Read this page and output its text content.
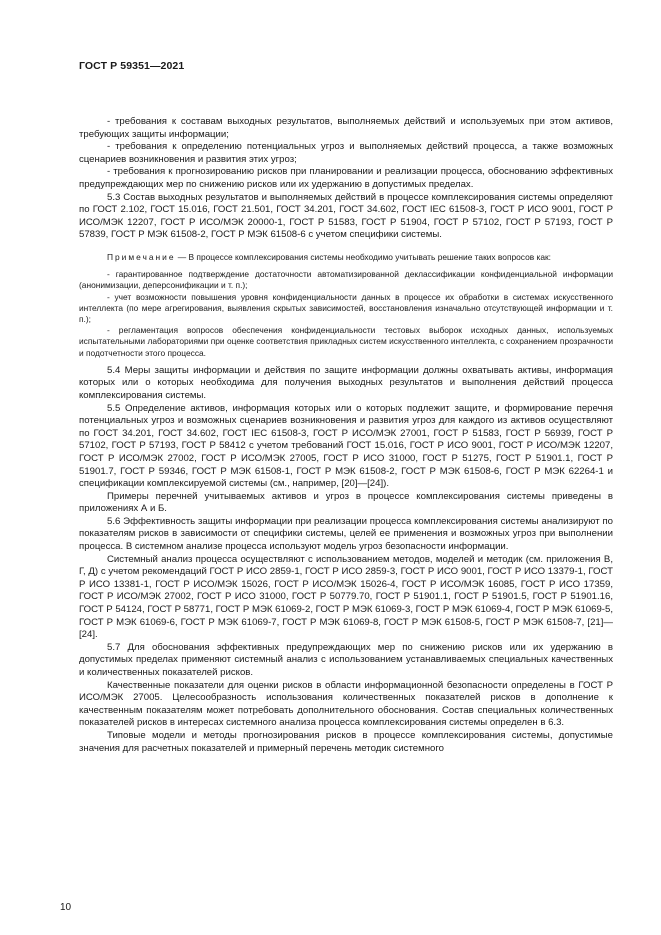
ГОСТ Р 59351—2021

- требования к составам выходных результатов, выполняемых действий и используемых при этом активов, требующих защиты информации;

- требования к определению потенциальных угроз и выполняемых действий процесса, а также возможных сценариев возникновения и развития этих угроз;

- требования к прогнозированию рисков при планировании и реализации процесса, обоснованию эффективных предупреждающих мер по снижению рисков или их удержанию в допустимых пределах.

5.3 Состав выходных результатов и выполняемых действий в процессе комплексирования системы определяют по ГОСТ 2.102, ГОСТ 15.016, ГОСТ 21.501, ГОСТ 34.201, ГОСТ 34.602, ГОСТ IEC 61508-3, ГОСТ Р ИСО 9001, ГОСТ Р ИСО/МЭК 12207, ГОСТ Р ИСО/МЭК 20000-1, ГОСТ Р 51583, ГОСТ Р 51904, ГОСТ Р 57102, ГОСТ Р 57193, ГОСТ Р 57839, ГОСТ Р МЭК 61508-2, ГОСТ Р МЭК 61508-6 с учетом специфики системы.

Примечание — В процессе комплексирования системы необходимо учитывать решение таких вопросов как:

- гарантированное подтверждение достаточности автоматизированной деклассификации конфиденциальной информации (анонимизации, деперсонификации и т. п.);

- учет возможности повышения уровня конфиденциальности данных в процессе их обработки в системах искусственного интеллекта (по мере агрегирования, выявления скрытых зависимостей, восстановления изначально отсутствующей информации и т. п.);

- регламентация вопросов обеспечения конфиденциальности тестовых выборок исходных данных, используемых испытательными лабораториями при оценке соответствия прикладных систем искусственного интеллекта, с сохранением прозрачности и подотчетности этого процесса.

5.4 Меры защиты информации и действия по защите информации должны охватывать активы, информация которых или о которых необходима для получения выходных результатов и выполнения действий процесса комплексирования системы.

5.5 Определение активов, информация которых или о которых подлежит защите, и формирование перечня потенциальных угроз и возможных сценариев возникновения и развития угроз для каждого из активов осуществляют по ГОСТ 34.201, ГОСТ 34.602, ГОСТ IEC 61508-3, ГОСТ Р ИСО/МЭК 27001, ГОСТ Р 51583, ГОСТ Р 56939, ГОСТ Р 57102, ГОСТ Р 57193, ГОСТ Р 58412 с учетом требований ГОСТ 15.016, ГОСТ Р ИСО 9001, ГОСТ Р ИСО/МЭК 12207, ГОСТ Р ИСО/МЭК 27002, ГОСТ Р ИСО/МЭК 27005, ГОСТ Р ИСО 31000, ГОСТ Р 51275, ГОСТ Р 51901.1, ГОСТ Р 51901.7, ГОСТ Р 59346, ГОСТ Р МЭК 61508-1, ГОСТ Р МЭК 61508-2, ГОСТ Р МЭК 61508-6, ГОСТ Р МЭК 62264-1 и спецификации комплексируемой системы (см., например, [20]—[24]).

Примеры перечней учитываемых активов и угроз в процессе комплексирования системы приведены в приложениях А и Б.

5.6 Эффективность защиты информации при реализации процесса комплексирования системы анализируют по показателям рисков в зависимости от специфики системы, целей ее применения и возможных угроз при выполнении процесса. В системном анализе процесса используют модель угроз безопасности информации.

Системный анализ процесса осуществляют с использованием методов, моделей и методик (см. приложения В, Г, Д) с учетом рекомендаций ГОСТ Р ИСО 2859-1, ГОСТ Р ИСО 2859-3, ГОСТ Р ИСО 9001, ГОСТ Р ИСО 13379-1, ГОСТ Р ИСО 13381-1, ГОСТ Р ИСО/МЭК 15026, ГОСТ Р ИСО/МЭК 15026-4, ГОСТ Р ИСО/МЭК 16085, ГОСТ Р ИСО 17359, ГОСТ Р ИСО/МЭК 27002, ГОСТ Р ИСО 31000, ГОСТ Р 50779.70, ГОСТ Р 51901.1, ГОСТ Р 51901.5, ГОСТ Р 51901.16, ГОСТ Р 54124, ГОСТ Р 58771, ГОСТ Р МЭК 61069-2, ГОСТ Р МЭК 61069-3, ГОСТ Р МЭК 61069-4, ГОСТ Р МЭК 61069-5, ГОСТ Р МЭК 61069-6, ГОСТ Р МЭК 61069-7, ГОСТ Р МЭК 61069-8, ГОСТ Р МЭК 61508-5, ГОСТ Р МЭК 61508-7, [21]—[24].

5.7 Для обоснования эффективных предупреждающих мер по снижению рисков или их удержанию в допустимых пределах применяют системный анализ с использованием устанавливаемых специальных качественных и количественных показателей рисков.

Качественные показатели для оценки рисков в области информационной безопасности определены в ГОСТ Р ИСО/МЭК 27005. Целесообразность использования количественных показателей рисков в дополнение к качественным показателям может потребовать дополнительного обоснования. Состав специальных количественных показателей рисков в интересах системного анализа процесса комплексирования системы определен в 6.3.

Типовые модели и методы прогнозирования рисков в процессе комплексирования системы, допустимые значения для расчетных показателей и примерный перечень методик системного

10
